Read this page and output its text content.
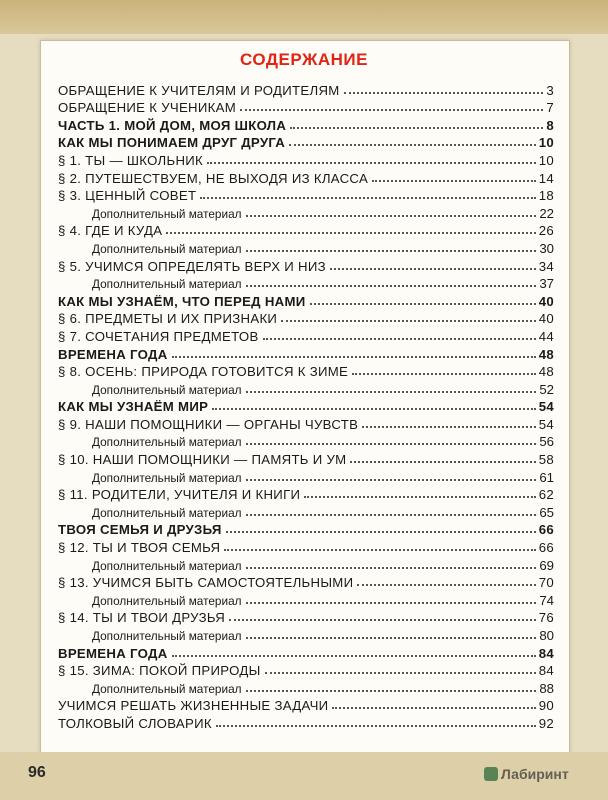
СОДЕРЖАНИЕ
ОБРАЩЕНИЕ К УЧИТЕЛЯМ И РОДИТЕЛЯМ	3
ОБРАЩЕНИЕ К УЧЕНИКАМ	7
ЧАСТЬ 1. МОЙ ДОМ, МОЯ ШКОЛА	8
КАК МЫ ПОНИМАЕМ ДРУГ ДРУГА	10
§ 1. ТЫ — ШКОЛЬНИК	10
§ 2. ПУТЕШЕСТВУЕМ, НЕ ВЫХОДЯ ИЗ КЛАССА	14
§ 3. ЦЕННЫЙ СОВЕТ	18
Дополнительный материал	22
§ 4. ГДЕ И КУДА	26
Дополнительный материал	30
§ 5. УЧИМСЯ ОПРЕДЕЛЯТЬ ВЕРХ И НИЗ	34
Дополнительный материал	37
КАК МЫ УЗНАЁМ, ЧТО ПЕРЕД НАМИ	40
§ 6. ПРЕДМЕТЫ И ИХ ПРИЗНАКИ	40
§ 7. СОЧЕТАНИЯ ПРЕДМЕТОВ	44
ВРЕМЕНА ГОДА	48
§ 8. ОСЕНЬ: ПРИРОДА ГОТОВИТСЯ К ЗИМЕ	48
Дополнительный материал	52
КАК МЫ УЗНАЁМ МИР	54
§ 9. НАШИ ПОМОЩНИКИ — ОРГАНЫ ЧУВСТВ	54
Дополнительный материал	56
§ 10. НАШИ ПОМОЩНИКИ — ПАМЯТЬ И УМ	58
Дополнительный материал	61
§ 11. РОДИТЕЛИ, УЧИТЕЛЯ И КНИГИ	62
Дополнительный материал	65
ТВОЯ СЕМЬЯ И ДРУЗЬЯ	66
§ 12. ТЫ И ТВОЯ СЕМЬЯ	66
Дополнительный материал	69
§ 13. УЧИМСЯ БЫТЬ САМОСТОЯТЕЛЬНЫМИ	70
Дополнительный материал	74
§ 14. ТЫ И ТВОИ ДРУЗЬЯ	76
Дополнительный материал	80
ВРЕМЕНА ГОДА	84
§ 15. ЗИМА: ПОКОЙ ПРИРОДЫ	84
Дополнительный материал	88
УЧИМСЯ РЕШАТЬ ЖИЗНЕННЫЕ ЗАДАЧИ	90
ТОЛКОВЫЙ СЛОВАРИК	92
96	Лабиринт
